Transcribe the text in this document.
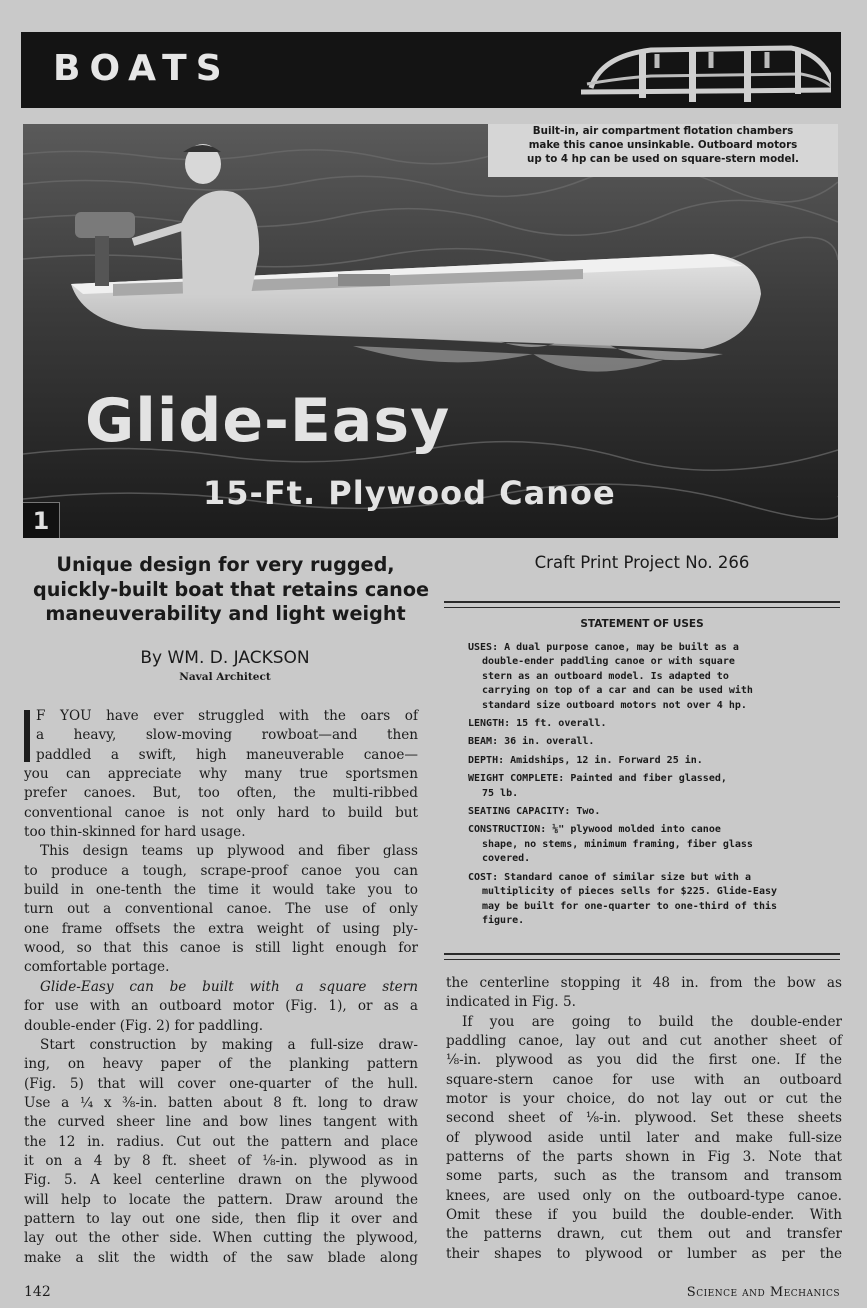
BOATS
Built-in, air compartment flotation chambers
make this canoe unsinkable. Outboard motors
up to 4 hp can be used on square-stern model.
Glide-Easy
15-Ft. Plywood Canoe
1
Unique design for very rugged,
quickly-built boat that retains canoe
maneuverability and light weight
By WM. D. JACKSON
Naval Architect
Craft Print Project No. 266
STATEMENT OF USES
USES: A dual purpose canoe, may be built as a
double-ender paddling canoe or with square
stern as an outboard model. Is adapted to
carrying on top of a car and can be used with
standard size outboard motors not over 4 hp.
LENGTH: 15 ft. overall.
BEAM: 36 in. overall.
DEPTH: Amidships, 12 in. Forward 25 in.
WEIGHT COMPLETE: Painted and fiber glassed,
75 lb.
SEATING CAPACITY: Two.
CONSTRUCTION: ⅛" plywood molded into canoe
shape, no stems, minimum framing, fiber glass
covered.
COST: Standard canoe of similar size but with a
multiplicity of pieces sells for $225. Glide-Easy
may be built for one-quarter to one-third of this
figure.
F YOU have ever struggled with the oars of
a heavy, slow-moving rowboat—and then
paddled a swift, high maneuverable canoe—
you can appreciate why many true sportsmen
prefer canoes. But, too often, the multi-ribbed
conventional canoe is not only hard to build but
too thin-skinned for hard usage.
This design teams up plywood and fiber glass
to produce a tough, scrape-proof canoe you can
build in one-tenth the time it would take you to
turn out a conventional canoe. The use of only
one frame offsets the extra weight of using ply-
wood, so that this canoe is still light enough for
comfortable portage.
Glide-Easy can be built with a square stern
for use with an outboard motor (Fig. 1), or as a
double-ender (Fig. 2) for paddling.
Start construction by making a full-size draw-
ing, on heavy paper of the planking pattern
(Fig. 5) that will cover one-quarter of the hull.
Use a ¼ x ⅜-in. batten about 8 ft. long to draw
the curved sheer line and bow lines tangent with
the 12 in. radius. Cut out the pattern and place
it on a 4 by 8 ft. sheet of ⅛-in. plywood as in
Fig. 5. A keel centerline drawn on the plywood
will help to locate the pattern. Draw around the
pattern to lay out one side, then flip it over and
lay out the other side. When cutting the plywood,
make a slit the width of the saw blade along
the centerline stopping it 48 in. from the bow as
indicated in Fig. 5.
If you are going to build the double-ender
paddling canoe, lay out and cut another sheet of
⅛-in. plywood as you did the first one. If the
square-stern canoe for use with an outboard
motor is your choice, do not lay out or cut the
second sheet of ⅛-in. plywood. Set these sheets
of plywood aside until later and make full-size
patterns of the parts shown in Fig 3. Note that
some parts, such as the transom and transom
knees, are used only on the outboard-type canoe.
Omit these if you build the double-ender. With
the patterns drawn, cut them out and transfer
their shapes to plywood or lumber as per the
142	Science and Mechanics
